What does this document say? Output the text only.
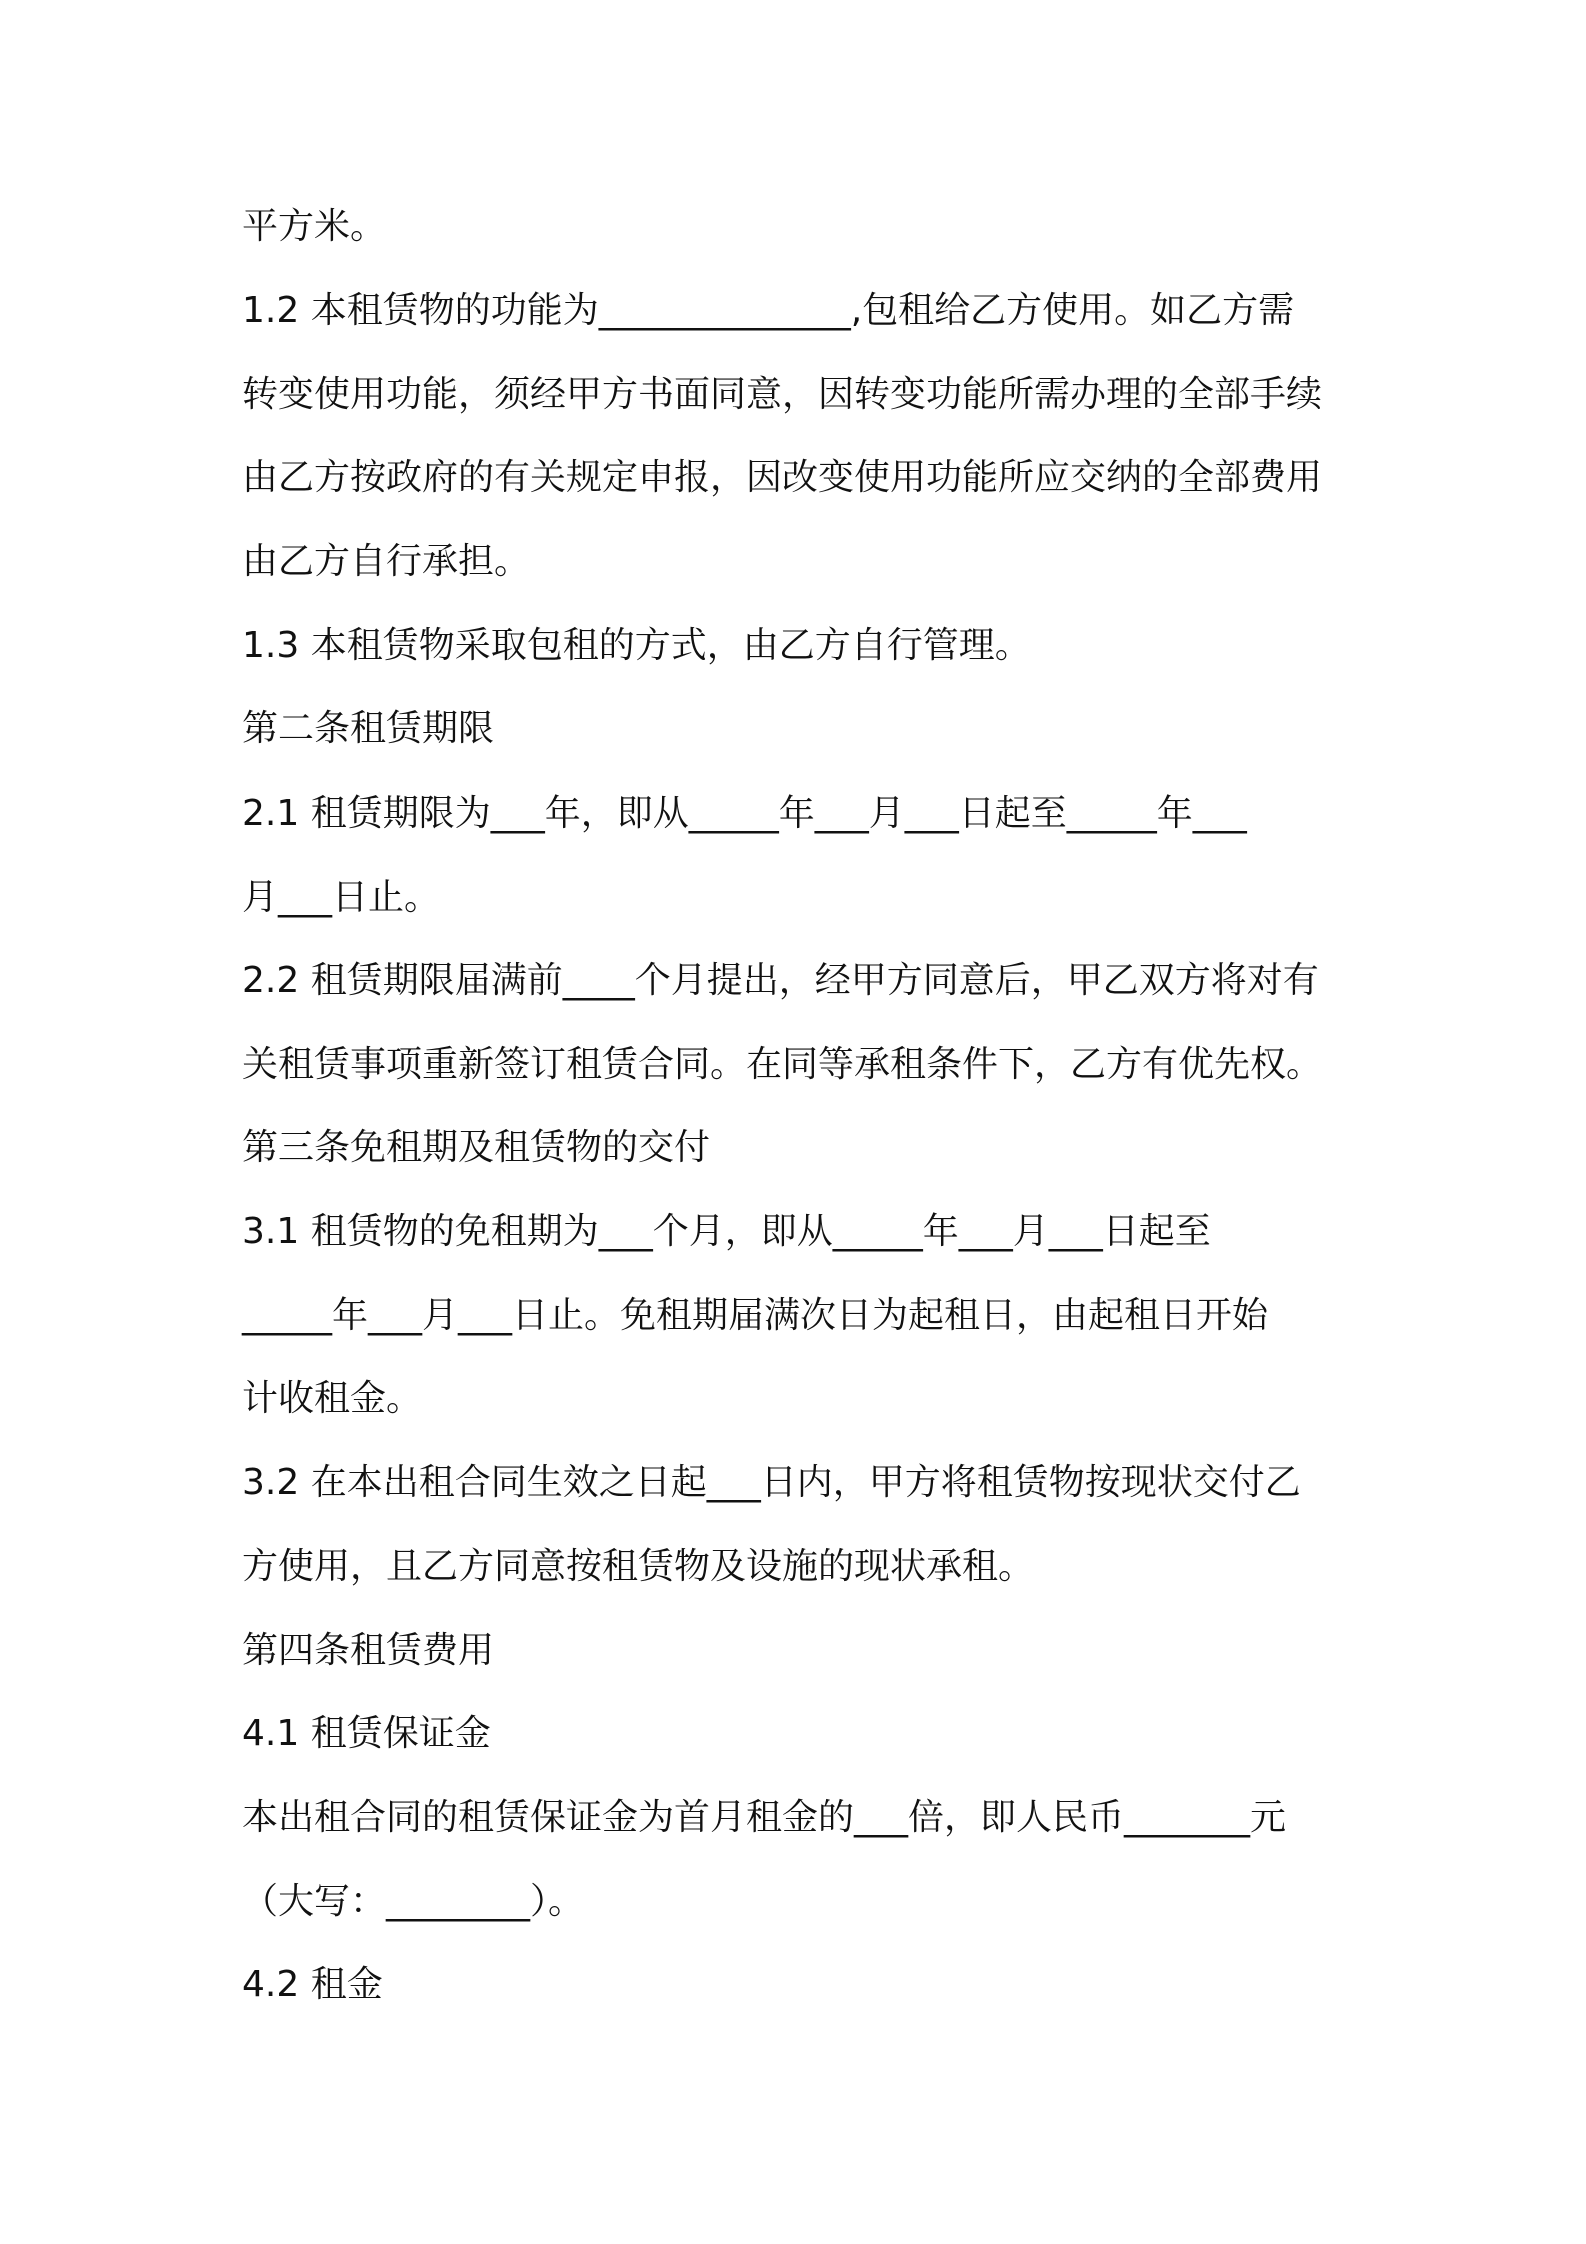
平方米。
1.2 本租赁物的功能为______________,包租给乙方使用。如乙方需
转变使用功能，须经甲方书面同意，因转变功能所需办理的全部手续
由乙方按政府的有关规定申报，因改变使用功能所应交纳的全部费用
由乙方自行承担。
1.3 本租赁物采取包租的方式，由乙方自行管理。
第二条租赁期限
2.1 租赁期限为___年，即从_____年___月___日起至_____年___
月___日止。
2.2 租赁期限届满前____个月提出，经甲方同意后，甲乙双方将对有
关租赁事项重新签订租赁合同。在同等承租条件下，乙方有优先权。
第三条免租期及租赁物的交付
3.1 租赁物的免租期为___个月，即从_____年___月___日起至
_____年___月___日止。免租期届满次日为起租日，由起租日开始
计收租金。
3.2 在本出租合同生效之日起___日内，甲方将租赁物按现状交付乙
方使用，且乙方同意按租赁物及设施的现状承租。
第四条租赁费用
4.1 租赁保证金
本出租合同的租赁保证金为首月租金的___倍，即人民币_______元
（大写：________）。
4.2 租金
